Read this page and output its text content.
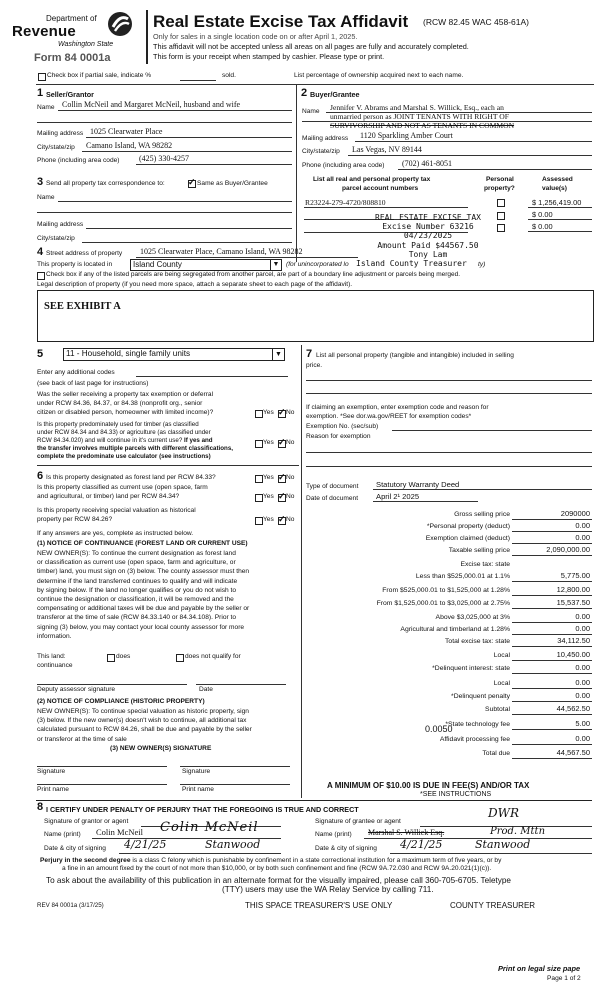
Department of
Revenue
Washington State
Form 84 0001a
Real Estate Excise Tax Affidavit (RCW 82.45 WAC 458-61A)
Only for sales in a single location code on or after April 1, 2025.
This affidavit will not be accepted unless all areas on all pages are fully and accurately completed.
This form is your receipt when stamped by cashier. Please type or print.
Check box if partial sale, indicate %	sold.	List percentage of ownership acquired next to each name.
1 Seller/Grantor
Name Collin McNeil and Margaret McNeil, husband and wife
Mailing address 1025 Clearwater Place
City/state/zip Camano Island, WA 98282
Phone (including area code) (425) 330-4257
2 Buyer/Grantee
Name Jennifer V. Abrams and Marshal S. Willick, Esq., each an
unmarried person as JOINT TENANTS WITH RIGHT OF
SURVIVORSHIP AND NOT AS TENANTS IN COMMON
Mailing address 1120 Sparkling Amber Court
City/state/zip Las Vegas, NV 89144
Phone (including area code) (702) 461-8051
3 Send all property tax correspondence to: ✓	Same as Buyer/Grantee
Name
Mailing address
City/state/zip
List all real and personal property tax
parcel account numbers
Personal
property?
Assessed
value(s)
R23224-279-4720/808810	$ 1,256,419.00
$ 0.00
$ 0.00
REAL ESTATE EXCISE TAX
Excise Number 63216
04/23/2025
Amount Paid $44567.50
Tony Lam
4 Street address of property 1025 Clearwater Place, Camano Island, WA 98282
This property is located in	Island County	▼ (for unincorporated lo Island County Treasurer ty)
Check box if any of the listed parcels are being segregated from another parcel, are part of a boundary line adjustment or parcels being merged.
Legal description of property (if you need more space, attach a separate sheet to each page of the affidavit).
SEE EXHIBIT A
5	11 - Household, single family units	▼
Enter any additional codes
(see back of last page for instructions)
Was the seller receiving a property tax exemption or deferral
under RCW 84.36, 84.37, or 84.38 (nonprofit org., senior
citizen or disabled person, homeowner with limited income)?	Yes ✓ No
Is this property predominately used for timber (as classified
under RCW 84.34 and 84.33) or agriculture (as classified under
RCW 84.34.020) and will continue in it's current use? If yes and
the transfer involves multiple parcels with different classifications,
complete the predominate use calculator (see instructions)
Yes ✓ No
6 Is this property designated as forest land per RCW 84.33?	Yes ✓ No
Is this property classified as current use (open space, farm
and agricultural, or timber) land per RCW 84.34?	Yes ✓ No
Is this property receiving special valuation as historical
property per RCW 84.26?	Yes ✓ No
If any answers are yes, complete as instructed below.
(1) NOTICE OF CONTINUANCE (FOREST LAND OR CURRENT USE)
NEW OWNER(S): To continue the current designation as forest land
or classification as current use (open space, farm and agriculture, or
timber) land, you must sign on (3) below. The county assessor must then
determine if the land transferred continues to qualify and will indicate
by signing below. If the land no longer qualifies or you do not wish to
continue the designation or classification, it will be removed and the
compensating or additional taxes will be due and payable by the seller or
transferor at the time of sale (RCW 84.33.140 or 84.34.108). Prior to
signing (3) below, you may contact your local county assessor for more
information.
This land:	does	does not qualify for
continuance
Deputy assessor signature	Date
(2) NOTICE OF COMPLIANCE (HISTORIC PROPERTY)
NEW OWNER(S): To continue special valuation as historic property, sign
(3) below. If the new owner(s) doesn't wish to continue, all additional tax
calculated pursuant to RCW 84.26, shall be due and payable by the seller
or transferor at the time of sale
(3) NEW OWNER(S) SIGNATURE
Signature	Signature
Print name	Print name
7 List all personal property (tangible and intangible) included in selling
price.
If claiming an exemption, enter exemption code and reason for
exemption. *See dor.wa.gov/REET for exemption codes*
Exemption No. (sec/sub)
Reason for exemption
Type of document Statutory Warranty Deed
Date of document April 2¹ 2025
Gross selling price	2090000
*Personal property (deduct)	0.00
Exemption claimed (deduct)	0.00
Taxable selling price	2,090,000.00
Excise tax: state
Less than $525,000.01 at 1.1%	5,775.00
From $525,000.01 to $1,525,000 at 1.28%	12,800.00
From $1,525,000.01 to $3,025,000 at 2.75%	15,537.50
Above $3,025,000 at 3%	0.00
Agricultural and timberland at 1.28%	0.00
Total excise tax: state	34,112.50
Local	10,450.00
*Delinquent interest: state	0.00
Local	0.00
*Delinquent penalty	0.00
Subtotal	44,562.50
*State technology fee	5.00
Affidavit processing fee	0.00
Total due	44,567.50
0.0050
A MINIMUM OF $10.00 IS DUE IN FEE(S) AND/OR TAX
*SEE INSTRUCTIONS
8 I CERTIFY UNDER PENALTY OF PERJURY THAT THE FOREGOING IS TRUE AND CORRECT
Signature of grantor or agent
Name (print) Colin McNeil Colin McNeil
Date & city of signing 4/21/25	Stanwood
Signature of grantee or agent
DWR
Name (print) Marshal S. Willick Esq.	Prod. Mttn
Date & city of signing 4/21/25	Stanwood
Perjury in the second degree is a class C felony which is punishable by confinement in a state correctional institution for a maximum term of five years, or by
a fine in an amount fixed by the court of not more than $10,000, or by both such confinement and fine (RCW 9A.72.030 and RCW 9A.20.021(1)(c)).
To ask about the availability of this publication in an alternate format for the visually impaired, please call 360-705-6705. Teletype
(TTY) users may use the WA Relay Service by calling 711.
REV 84 0001a (3/17/25)	THIS SPACE TREASURER'S USE ONLY	COUNTY TREASURER
Print on legal size pape
Page 1 of 2
